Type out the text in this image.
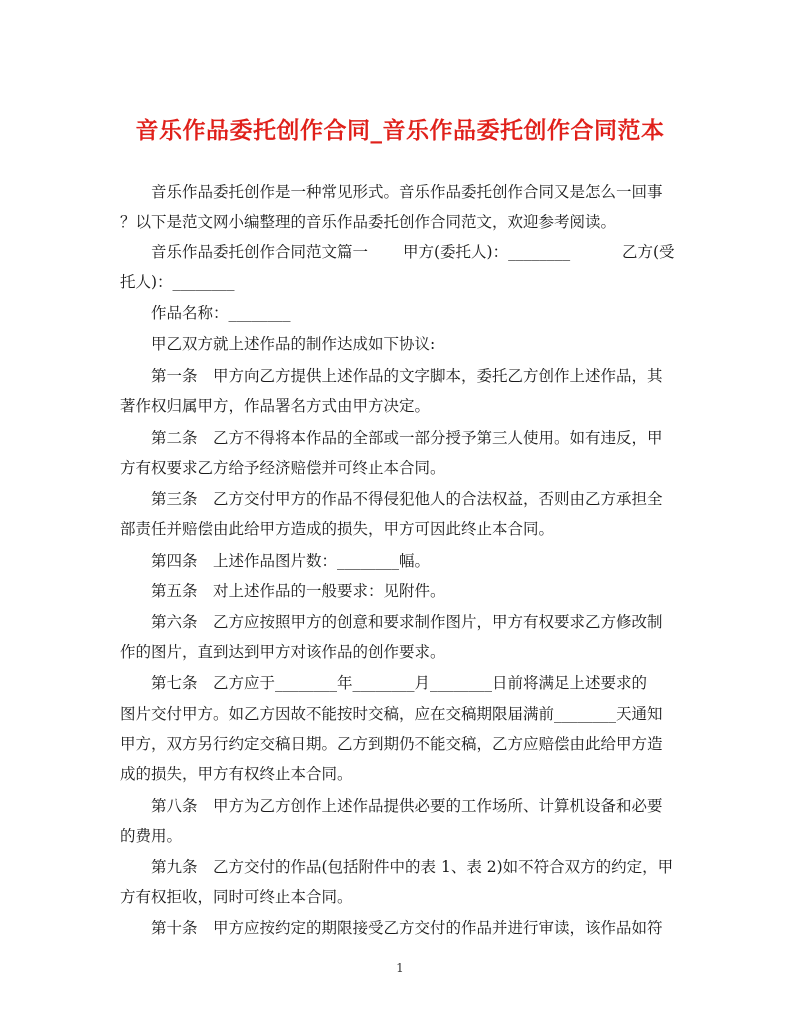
音乐作品委托创作合同_音乐作品委托创作合同范本
音乐作品委托创作是一种常见形式。音乐作品委托创作合同又是怎么一回事
？以下是范文网小编整理的音乐作品委托创作合同范文，欢迎参考阅读。
音乐作品委托创作合同范文篇一 甲方(委托人)：________	乙方(受
托人)：________
作品名称：________
甲乙双方就上述作品的制作达成如下协议:
第一条　甲方向乙方提供上述作品的文字脚本，委托乙方创作上述作品，其
著作权归属甲方，作品署名方式由甲方决定。
第二条　乙方不得将本作品的全部或一部分授予第三人使用。如有违反，甲
方有权要求乙方给予经济赔偿并可终止本合同。
第三条　乙方交付甲方的作品不得侵犯他人的合法权益，否则由乙方承担全
部责任并赔偿由此给甲方造成的损失，甲方可因此终止本合同。
第四条　上述作品图片数：________幅。
第五条　对上述作品的一般要求：见附件。
第六条　乙方应按照甲方的创意和要求制作图片，甲方有权要求乙方修改制
作的图片，直到达到甲方对该作品的创作要求。
第七条　乙方应于________年________月________日前将满足上述要求的
图片交付甲方。如乙方因故不能按时交稿，应在交稿期限届满前________天通知
甲方，双方另行约定交稿日期。乙方到期仍不能交稿，乙方应赔偿由此给甲方造
成的损失，甲方有权终止本合同。
第八条　甲方为乙方创作上述作品提供必要的工作场所、计算机设备和必要
的费用。
第九条　乙方交付的作品(包括附件中的表 1、表 2)如不符合双方的约定，甲
方有权拒收，同时可终止本合同。
第十条　甲方应按约定的期限接受乙方交付的作品并进行审读，该作品如符
1
